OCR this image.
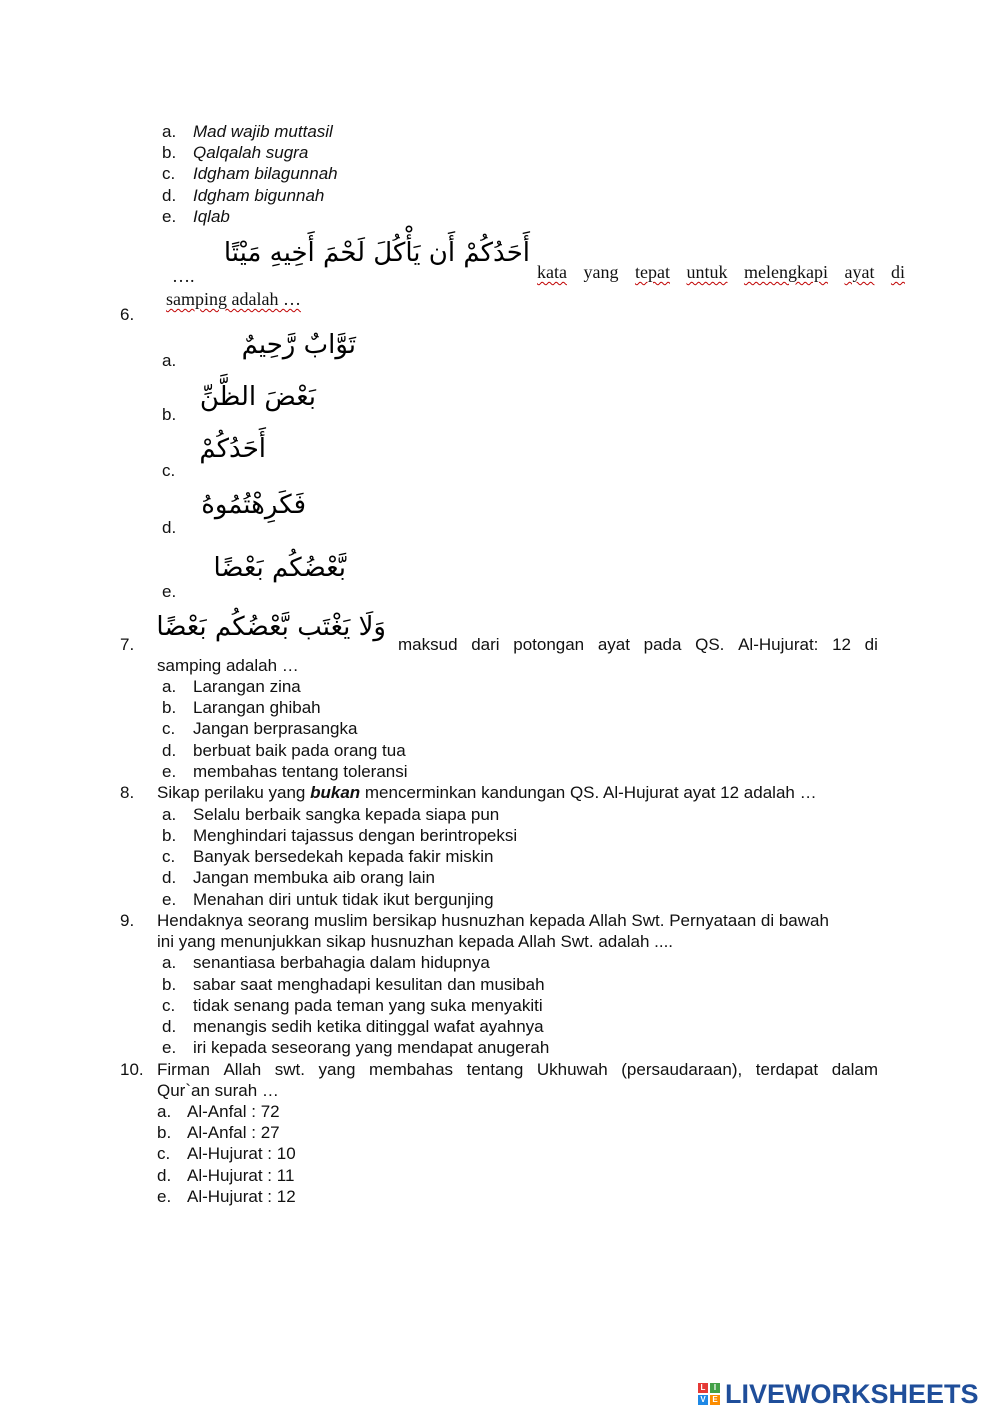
a. Mad wajib muttasil
b. Qalqalah sugra
c. Idgham bilagunnah
d. Idgham bigunnah
e. Iqlab
أَحَدُكُمْ أَن يَأْكُلَ لَحْمَ أَخِيهِ مَيْتًا
….	kata yang tepat untuk melengkapi ayat di
samping adalah …
6.
a.
تَوَّابٌ رَّحِيمٌ
b.
بَعْضَ الظَّنِّ
c.
أَحَدُكُمْ
d.
فَكَرِهْتُمُوهُ
e.
بَّعْضُكُم بَعْضًا
7.
وَلَا يَغْتَب بَّعْضُكُم بَعْضًا
maksud dari potongan ayat pada QS. Al-Hujurat: 12 di
samping adalah …
a. Larangan zina
b. Larangan ghibah
c. Jangan berprasangka
d. berbuat baik pada orang tua
e. membahas tentang toleransi
8. Sikap perilaku yang bukan mencerminkan kandungan QS. Al-Hujurat ayat 12 adalah …
a. Selalu berbaik sangka kepada siapa pun
b. Menghindari tajassus dengan berintropeksi
c. Banyak bersedekah kepada fakir miskin
d. Jangan membuka aib orang lain
e. Menahan diri untuk tidak ikut bergunjing
9. Hendaknya seorang muslim bersikap husnuzhan kepada Allah Swt. Pernyataan di bawah
ini yang menunjukkan sikap husnuzhan kepada Allah Swt. adalah ....
a. senantiasa berbahagia dalam hidupnya
b. sabar saat menghadapi kesulitan dan musibah
c. tidak senang pada teman yang suka menyakiti
d. menangis sedih ketika ditinggal wafat ayahnya
e. iri kepada seseorang yang mendapat anugerah
10. Firman Allah swt. yang membahas tentang Ukhuwah (persaudaraan), terdapat dalam
Qur`an surah …
a. Al-Anfal : 72
b. Al-Anfal : 27
c. Al-Hujurat : 10
d. Al-Hujurat : 11
e. Al-Hujurat : 12
L	I
V E LIVEWORKSHEETS
